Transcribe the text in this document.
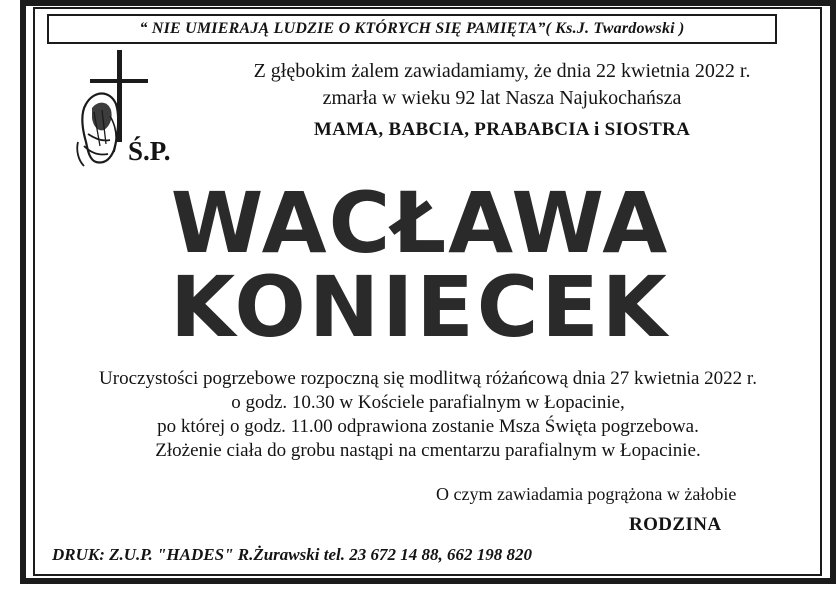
“ NIE UMIERAJĄ LUDZIE O KTÓRYCH SIĘ PAMIĘTA”( Ks.J. Twardowski )
Ś.P.
Z głębokim żalem zawiadamiamy, że dnia 22 kwietnia 2022 r.
zmarła w wieku 92 lat Nasza Najukochańsza
MAMA, BABCIA, PRABABCIA i SIOSTRA
WACŁAWA
KONIECEK
Uroczystości pogrzebowe rozpoczną się modlitwą różańcową dnia 27 kwietnia 2022 r.
o godz. 10.30 w Kościele parafialnym w Łopacinie,
po której o godz. 11.00 odprawiona zostanie Msza Święta pogrzebowa.
Złożenie ciała do grobu nastąpi na cmentarzu parafialnym w Łopacinie.
O czym zawiadamia pogrążona w żałobie
RODZINA
DRUK: Z.U.P. "HADES" R.Żurawski tel. 23 672 14 88, 662 198 820
